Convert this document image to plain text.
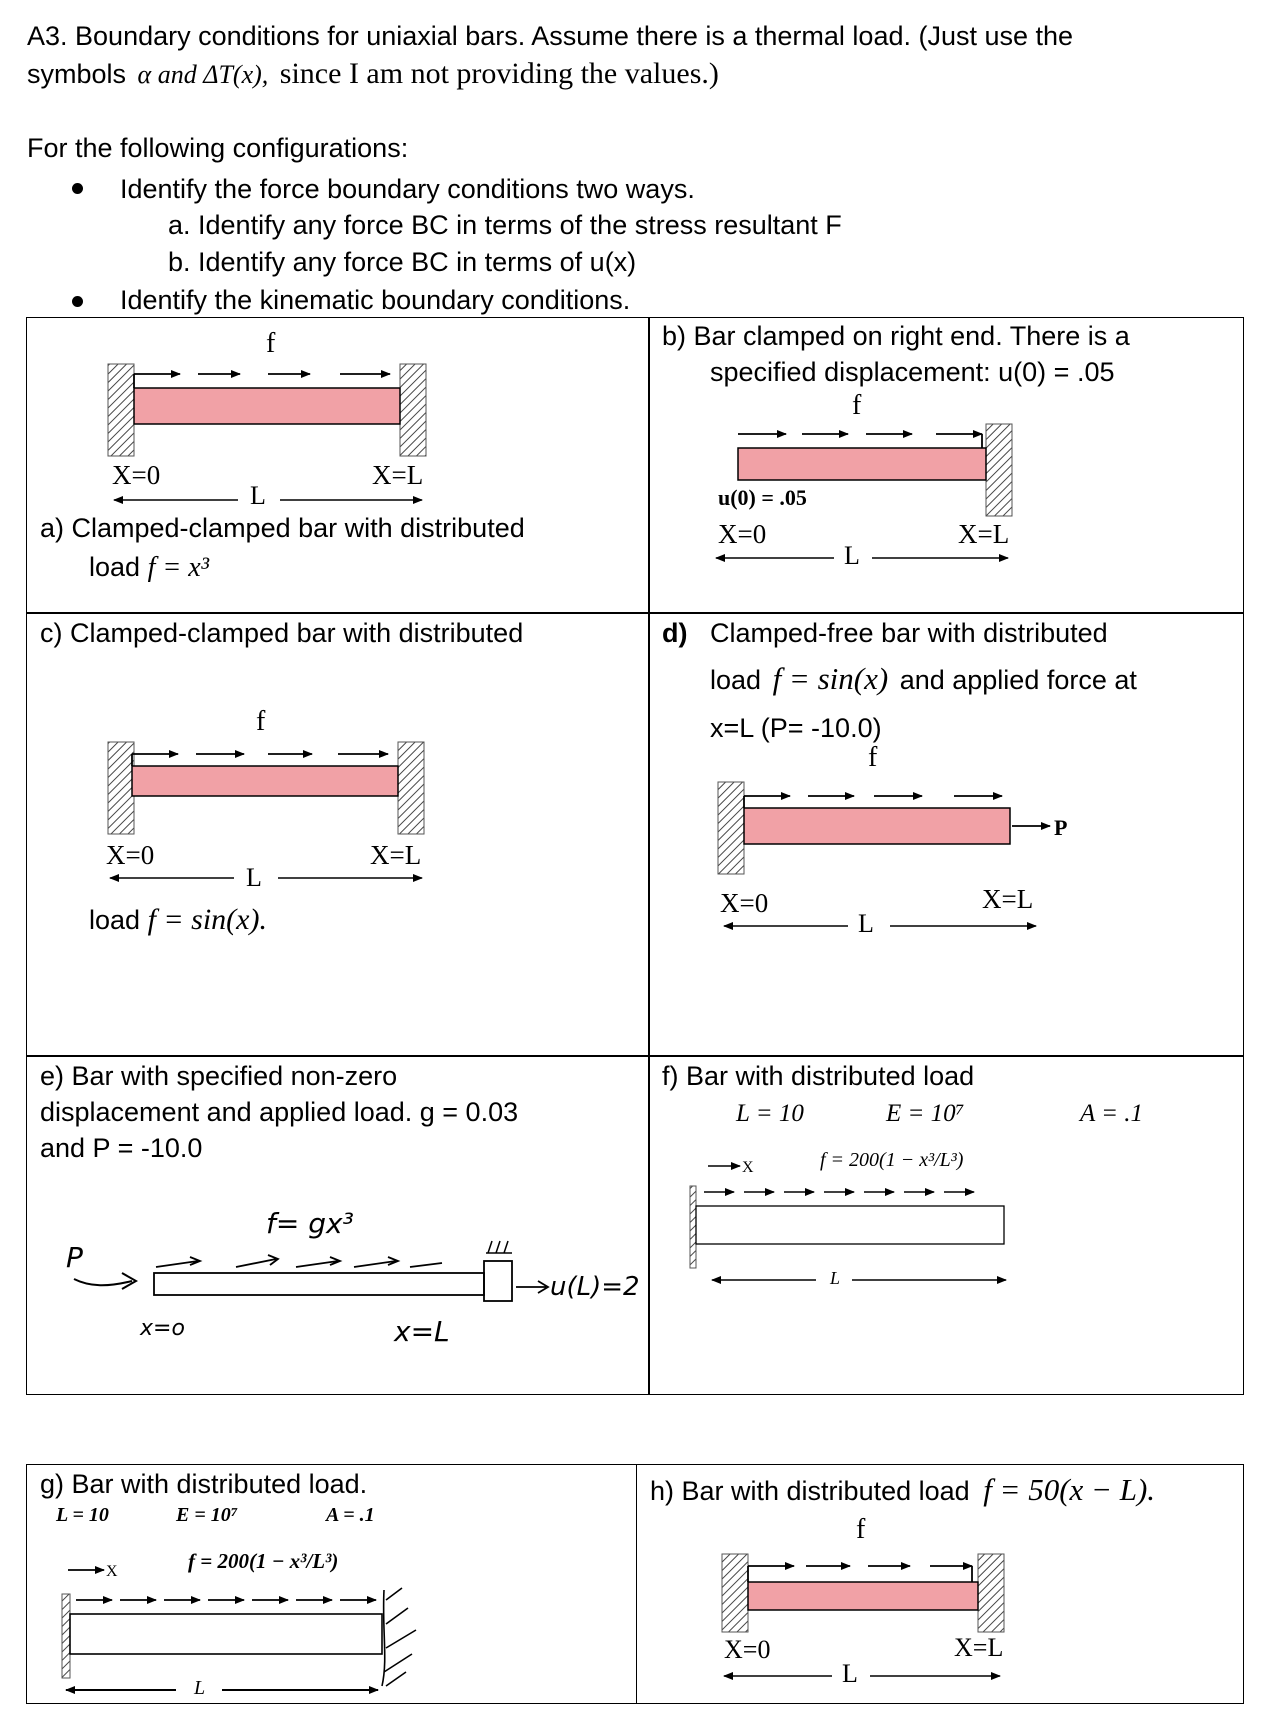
A3. Boundary conditions for uniaxial bars. Assume there is a thermal load. (Just use the
symbols α and ΔT(x), since I am not providing the values.)
For the following configurations:
Identify the force boundary conditions two ways.
a. Identify any force BC in terms of the stress resultant F
b. Identify any force BC in terms of u(x)
Identify the kinematic boundary conditions.
f
X=0	X=L
L
a) Clamped-clamped bar with distributed
load f = x³
b) Bar clamped on right end. There is a
specified displacement: u(0) = .05
f
u(0) = .05
X=0	X=L
L
c) Clamped-clamped bar with distributed
f
X=0	X=L
L
load f = sin(x).
d) Clamped-free bar with distributed
load f = sin(x) and applied force at
x=L (P= -10.0)
f
P
X=0	X=L
L
e) Bar with specified non-zero
displacement and applied load. g = 0.03
and P = -10.0
f= gx³
P
u(L)=2
x=o	x=L
f) Bar with distributed load
L = 10	E = 10⁷	A = .1
X	f = 200(1 − x³/L³)
L
g) Bar with distributed load.
L = 10	E = 10⁷	A = .1
X	f = 200(1 − x³/L³)
L
h) Bar with distributed load f = 50(x − L).
f
X=0	X=L
L
